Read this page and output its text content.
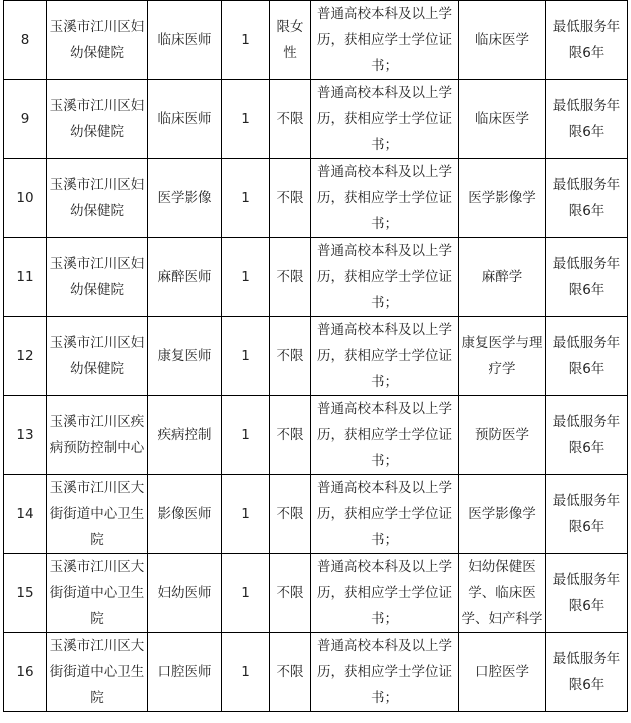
8	玉溪市江川区妇幼保健院	临床医师	1	限女性	普通高校本科及以上学历，获相应学士学位证书；	临床医学	最低服务年限6年
9	玉溪市江川区妇幼保健院	临床医师	1	不限	普通高校本科及以上学历，获相应学士学位证书；	临床医学	最低服务年限6年
10	玉溪市江川区妇幼保健院	医学影像	1	不限	普通高校本科及以上学历，获相应学士学位证书；	医学影像学	最低服务年限6年
11	玉溪市江川区妇幼保健院	麻醉医师	1	不限	普通高校本科及以上学历，获相应学士学位证书；	麻醉学	最低服务年限6年
12	玉溪市江川区妇幼保健院	康复医师	1	不限	普通高校本科及以上学历，获相应学士学位证书；	康复医学与理疗学	最低服务年限6年
13	玉溪市江川区疾病预防控制中心	疾病控制	1	不限	普通高校本科及以上学历，获相应学士学位证书；	预防医学	最低服务年限6年
14	玉溪市江川区大街街道中心卫生院	影像医师	1	不限	普通高校本科及以上学历，获相应学士学位证书；	医学影像学	最低服务年限6年
15	玉溪市江川区大街街道中心卫生院	妇幼医师	1	不限	普通高校本科及以上学历，获相应学士学位证书；	妇幼保健医学、临床医学、妇产科学	最低服务年限6年
16	玉溪市江川区大街街道中心卫生院	口腔医师	1	不限	普通高校本科及以上学历，获相应学士学位证书；	口腔医学	最低服务年限6年
